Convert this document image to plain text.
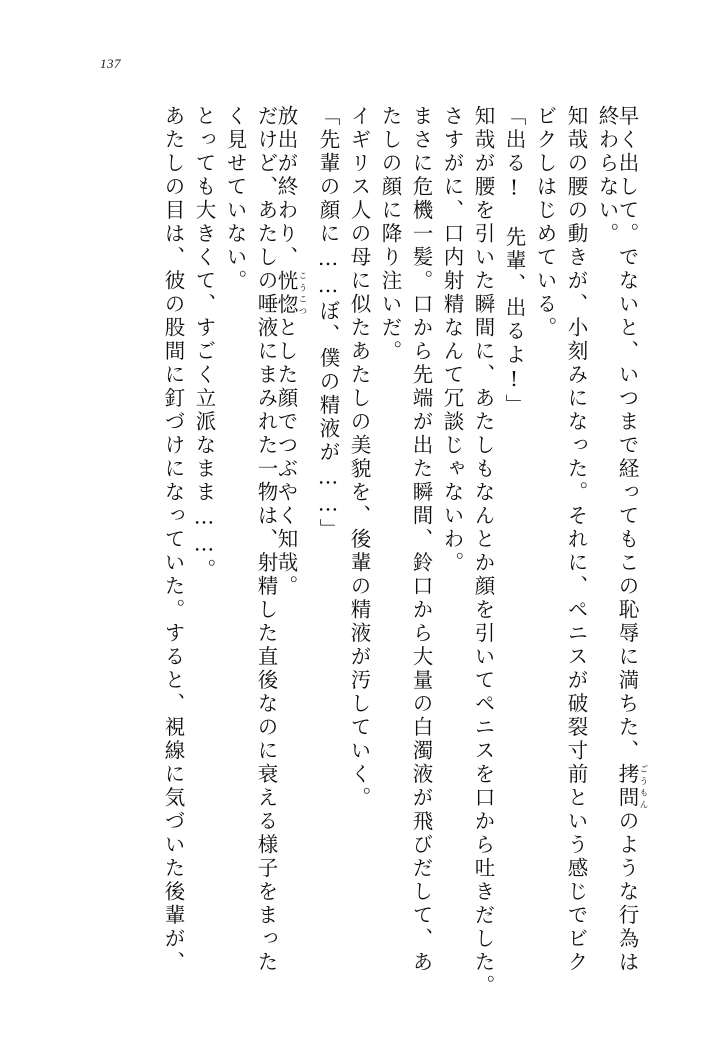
137
早く出して。でないと、いつまで経ってもこの恥辱に満ちた、拷問 ごうもんのような行為は
終わらない。
知哉の腰の動きが、小刻みになった。それに、ペニスが破裂寸前という感じでビク
ビクしはじめている。
「出る!　先輩、出るよ!」
知哉が腰を引いた瞬間に、あたしもなんとか顔を引いてペニスを口から吐きだした。
さすがに、口内射精なんて冗談じゃないわ。
まさに危機一髪。口から先端が出た瞬間、鈴口から大量の白濁液が飛びだして、あ
たしの顔に降り注いだ。
イギリス人の母に似たあたしの美貌を、後輩の精液が汚していく。
「先輩の顔に……ぼ、僕の精液が……」
放出が終わり、恍惚 こうこつとした顔でつぶやく知哉。
だけど、あたしの唾液にまみれた一物は、射精した直後なのに衰える様子をまった
く見せていない。
とっても大きくて、すごく立派なまま……。
あたしの目は、彼の股間に釘づけになっていた。すると、視線に気づいた後輩が、
